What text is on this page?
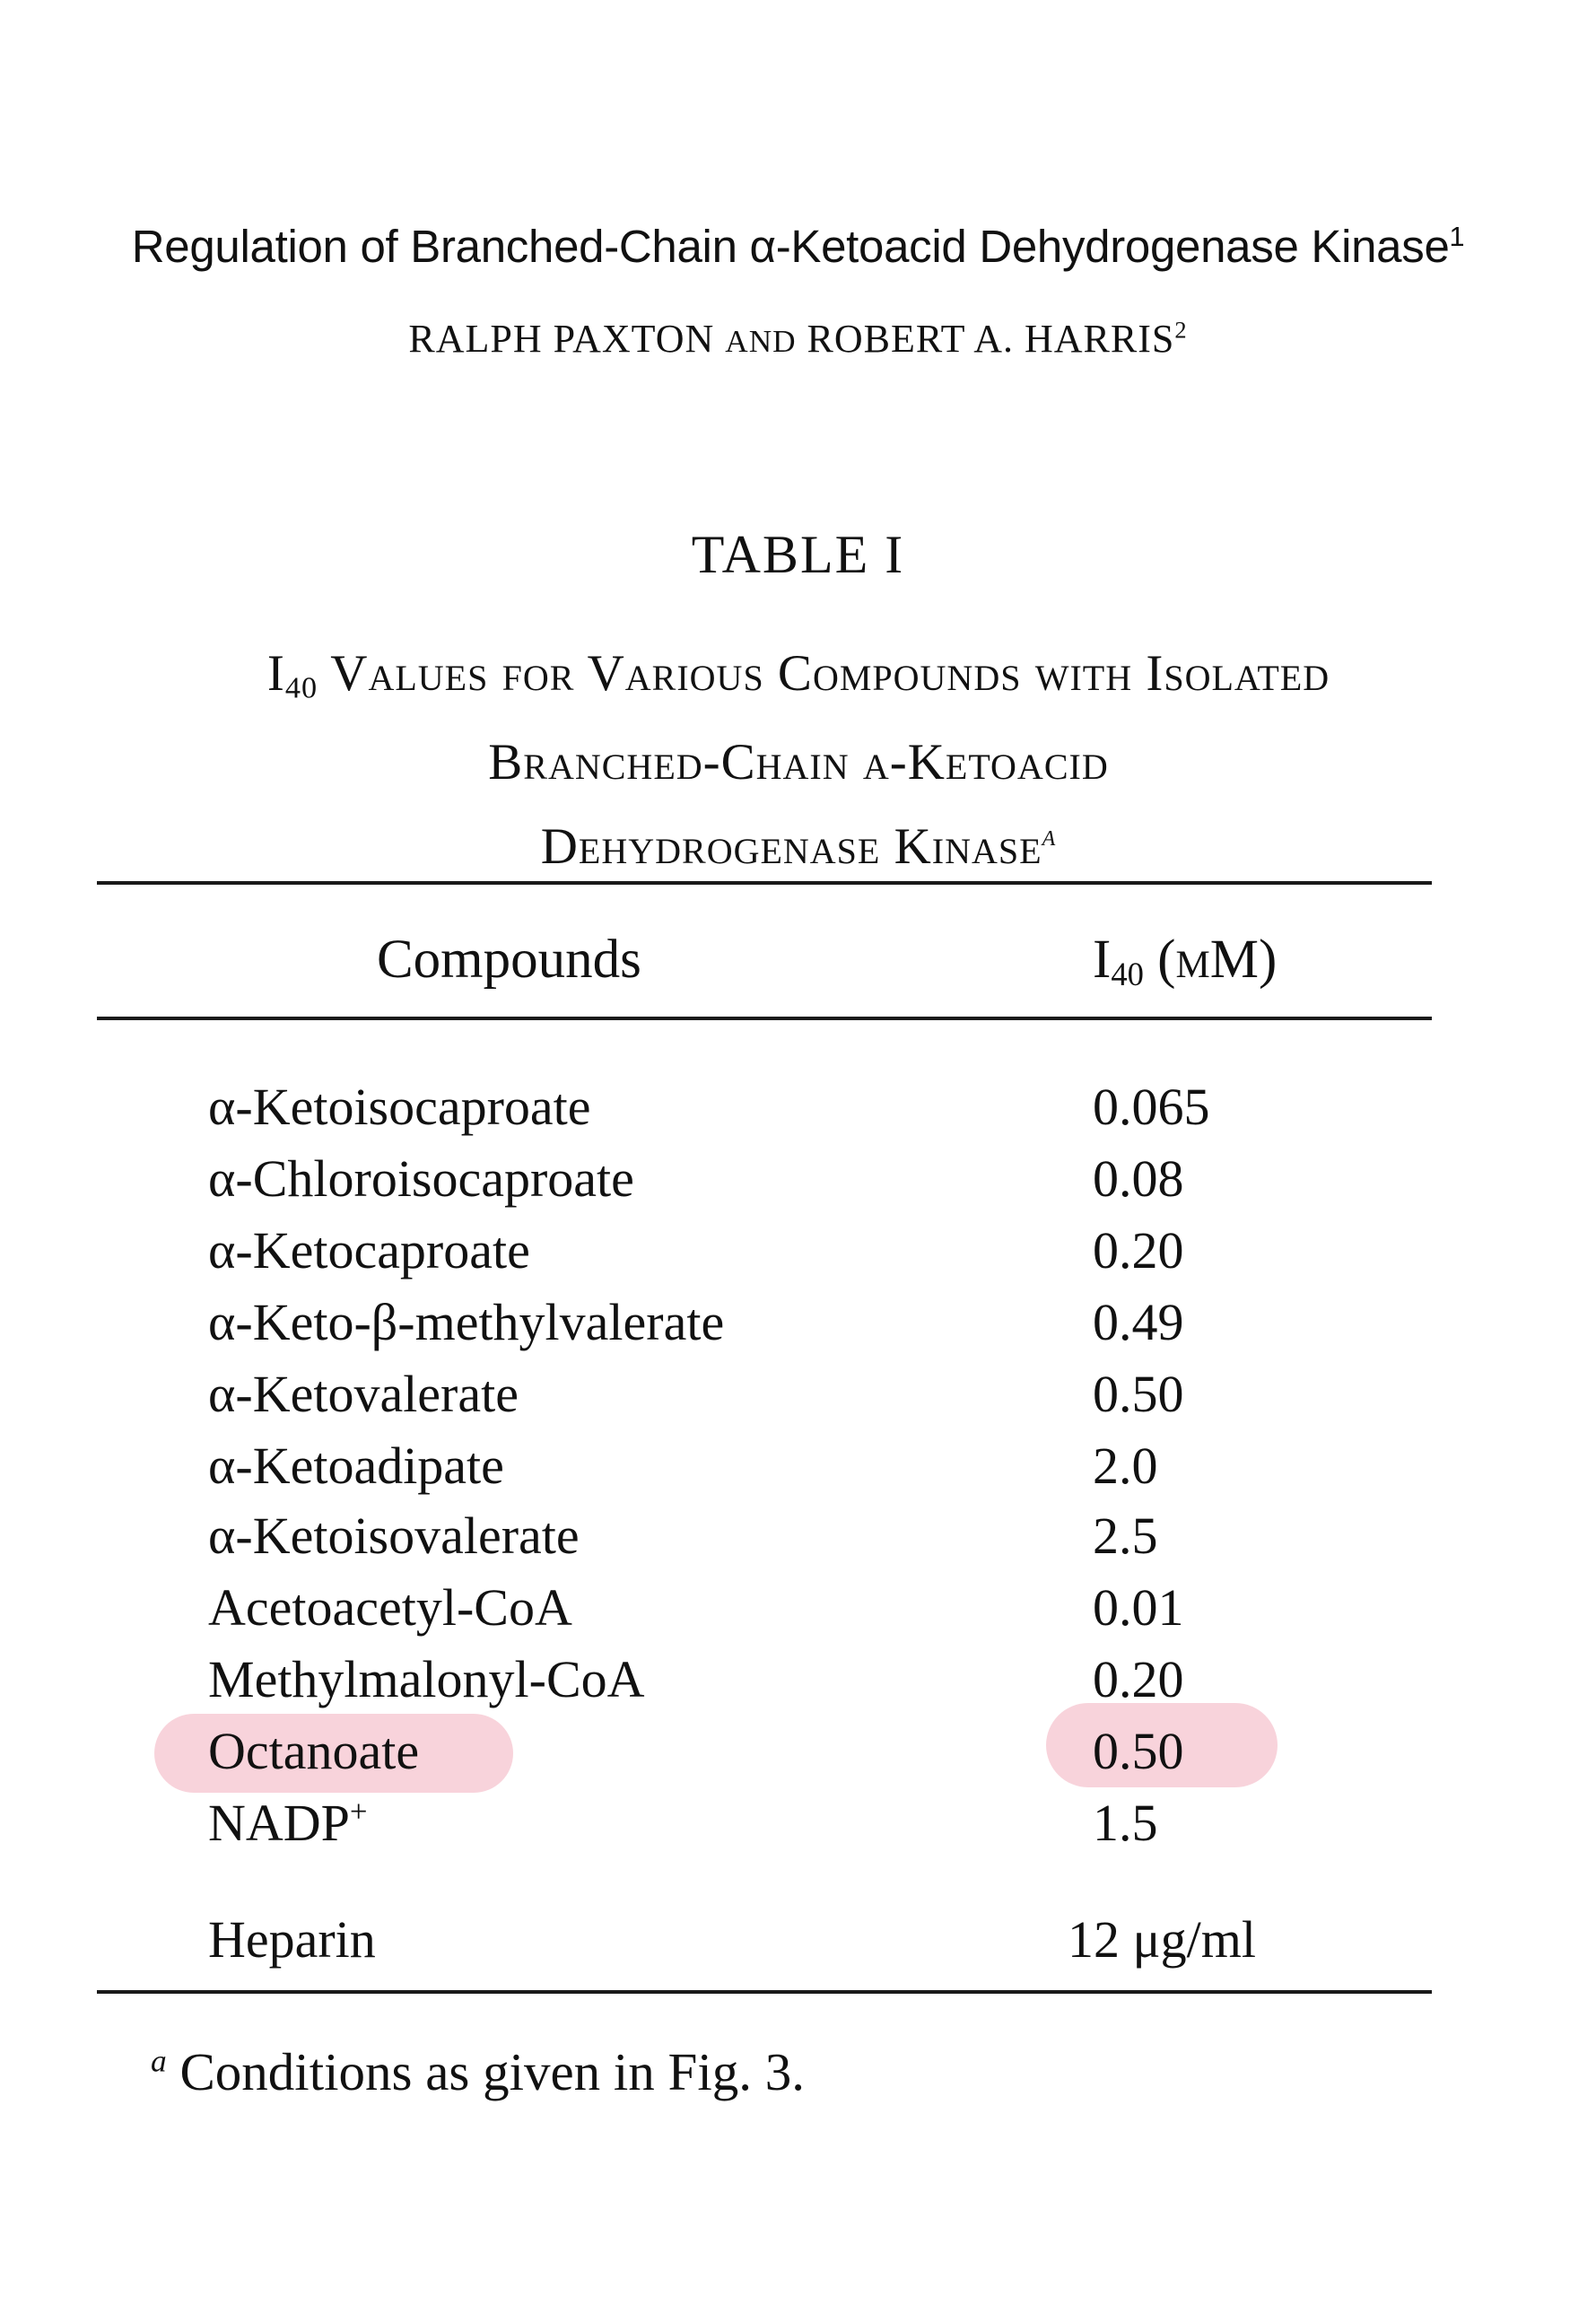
Regulation of Branched-Chain α-Ketoacid Dehydrogenase Kinase$^1$
RALPH PAXTON AND ROBERT A. HARRIS$^2$
TABLE I
$I_{40}$ Values for Various Compounds with Isolated
Branched-Chain α-Ketoacid
Dehydrogenase Kinase$^a$
Compounds	$I_{40}$ (mM)
α-Ketoisocaproate	0.065
α-Chloroisocaproate	0.08
α-Ketocaproate	0.20
α-Keto-β-methylvalerate	0.49
α-Ketovalerate	0.50
α-Ketoadipate	2.0
α-Ketoisovalerate	2.5
Acetoacetyl-CoA	0.01
Methylmalonyl-CoA	0.20
Octanoate	0.50
NADP+	1.5
Heparin	12 μg/ml
$^a$ Conditions as given in Fig. 3.
